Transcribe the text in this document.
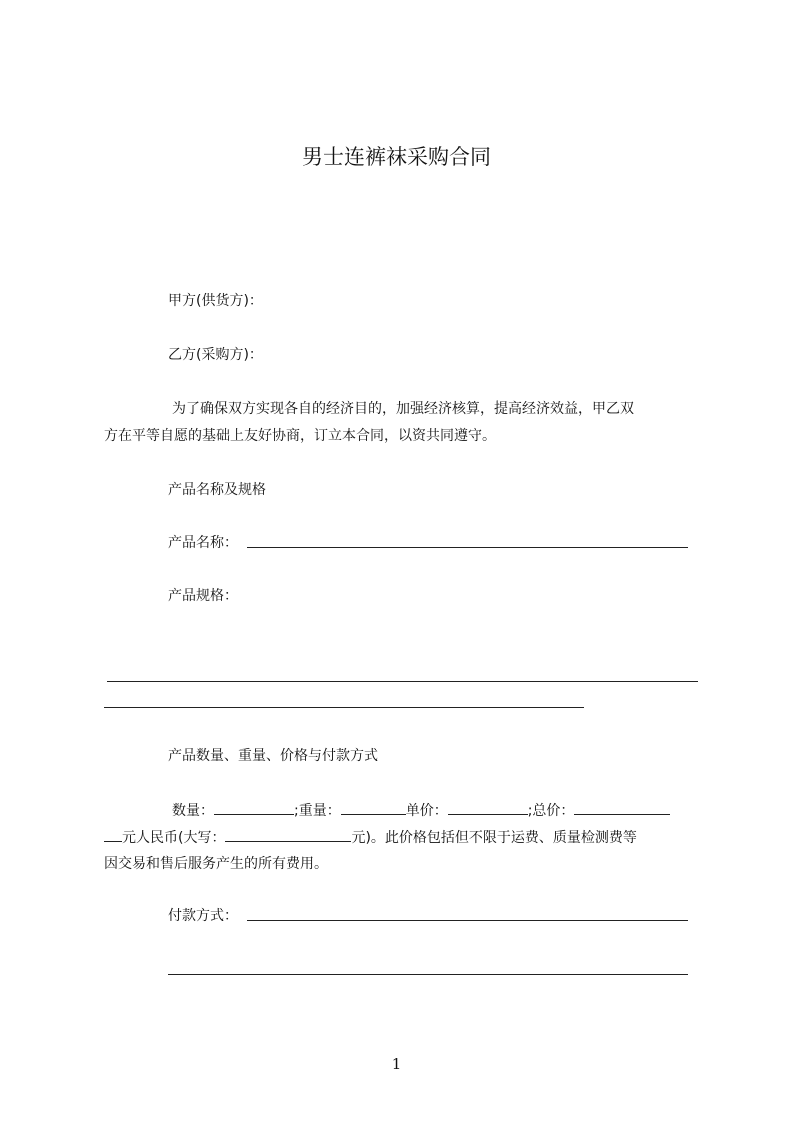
男士连裤袜采购合同
甲方(供货方)：
乙方(采购方)：
为了确保双方实现各自的经济目的，加强经济核算，提高经济效益，甲乙双
方在平等自愿的基础上友好协商，订立本合同，以资共同遵守。
产品名称及规格
产品名称：
产品规格：
产品数量、重量、价格与付款方式
数量：	;重量：	单价：	;总价：
元人民币(大写：	元)。此价格包括但不限于运费、质量检测费等
因交易和售后服务产生的所有费用。
付款方式：
1
